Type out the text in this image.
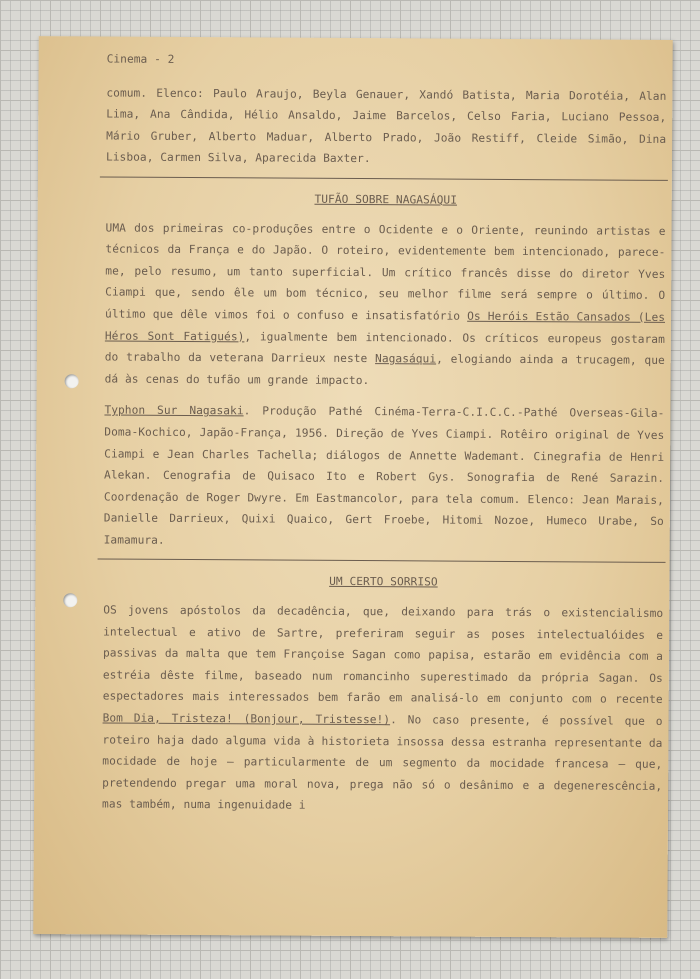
Cinema - 2

comum. Elenco: Paulo Araujo, Beyla Genauer, Xandó Batista, Maria Dorotéia, Alan Lima, Ana Cândida, Hélio Ansaldo, Jaime Barcelos, Celso Faria, Luciano Pessoa, Mário Gruber, Alberto Maduar, Alberto Prado, João Restiff, Cleide Simão, Dina Lisboa, Carmen Silva, Aparecida Baxter.

TUFÃO SOBRE NAGASÁQUI

UMA dos primeiras co-produções entre o Ocidente e o Oriente, reunindo artistas e técnicos da França e do Japão. O roteiro, evidentemente bem intencionado, parece-me, pelo resumo, um tanto superficial. Um crítico francês disse do diretor Yves Ciampi que, sendo êle um bom técnico, seu melhor filme será sempre o último. O último que dêle vimos foi o confuso e insatisfatório Os Heróis Estão Cansados (Les Héros Sont Fatigués), igualmente bem intencionado. Os críticos europeus gostaram do trabalho da veterana Darrieux neste Nagasáqui, elogiando ainda a trucagem, que dá às cenas do tufão um grande impacto.

Typhon Sur Nagasaki. Produção Pathé Cinéma-Terra-C.I.C.C.-Pathé Overseas-Gila-Doma-Kochico, Japão-França, 1956. Direção de Yves Ciampi. Rotêiro original de Yves Ciampi e Jean Charles Tachella; diálogos de Annette Wademant. Cinegrafia de Henri Alekan. Cenografia de Quisaco Ito e Robert Gys. Sonografia de René Sarazin. Coordenação de Roger Dwyre. Em Eastmancolor, para tela comum. Elenco: Jean Marais, Danielle Darrieux, Quixi Quaico, Gert Froebe, Hitomi Nozoe, Humeco Urabe, So Iamamura.

UM CERTO SORRISO

OS jovens apóstolos da decadência, que, deixando para trás o existencialismo intelectual e ativo de Sartre, preferiram seguir as poses intelectualóides e passivas da malta que tem Françoise Sagan como papisa, estarão em evidência com a estréia dêste filme, baseado num romancinho superestimado da própria Sagan. Os espectadores mais interessados bem farão em analisá-lo em conjunto com o recente Bom Dia, Tristeza! (Bonjour, Tristesse!). No caso presente, é possível que o roteiro haja dado alguma vida à historieta insossa dessa estranha representante da mocidade de hoje — particularmente de um segmento da mocidade francesa — que, pretendendo pregar uma moral nova, prega não só o desânimo e a degenerescência, mas também, numa ingenuidade i
